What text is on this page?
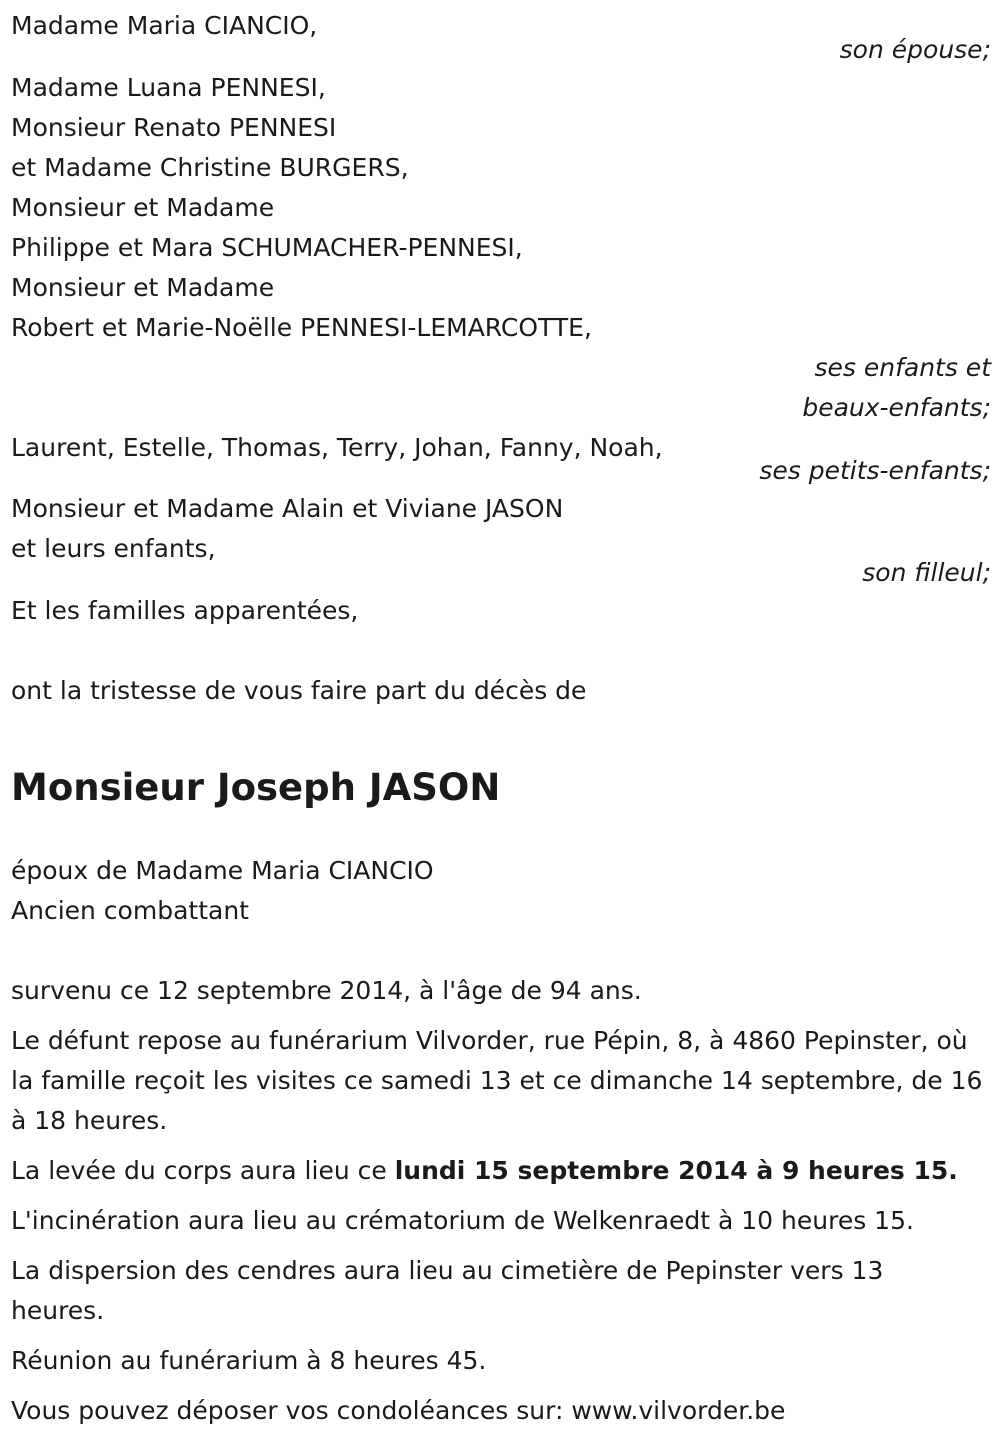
Madame Maria CIANCIO,
son épouse;
Madame Luana PENNESI,
Monsieur Renato PENNESI
et Madame Christine BURGERS,
Monsieur et Madame
Philippe et Mara SCHUMACHER-PENNESI,
Monsieur et Madame
Robert et Marie-Noëlle PENNESI-LEMARCOTTE,
ses enfants et
beaux-enfants;
Laurent, Estelle, Thomas, Terry, Johan, Fanny, Noah,
ses petits-enfants;
Monsieur et Madame Alain et Viviane JASON
et leurs enfants,
son filleul;
Et les familles apparentées,
ont la tristesse de vous faire part du décès de
Monsieur Joseph JASON
époux de Madame Maria CIANCIO
Ancien combattant
survenu ce 12 septembre 2014, à l'âge de 94 ans.
Le défunt repose au funérarium Vilvorder, rue Pépin, 8, à 4860 Pepinster, où la famille reçoit les visites ce samedi 13 et ce dimanche 14 septembre, de 16 à 18 heures.
La levée du corps aura lieu ce lundi 15 septembre 2014 à 9 heures 15.
L'incinération aura lieu au crématorium de Welkenraedt à 10 heures 15.
La dispersion des cendres aura lieu au cimetière de Pepinster vers 13 heures.
Réunion au funérarium à 8 heures 45.
Vous pouvez déposer vos condoléances sur: www.vilvorder.be
